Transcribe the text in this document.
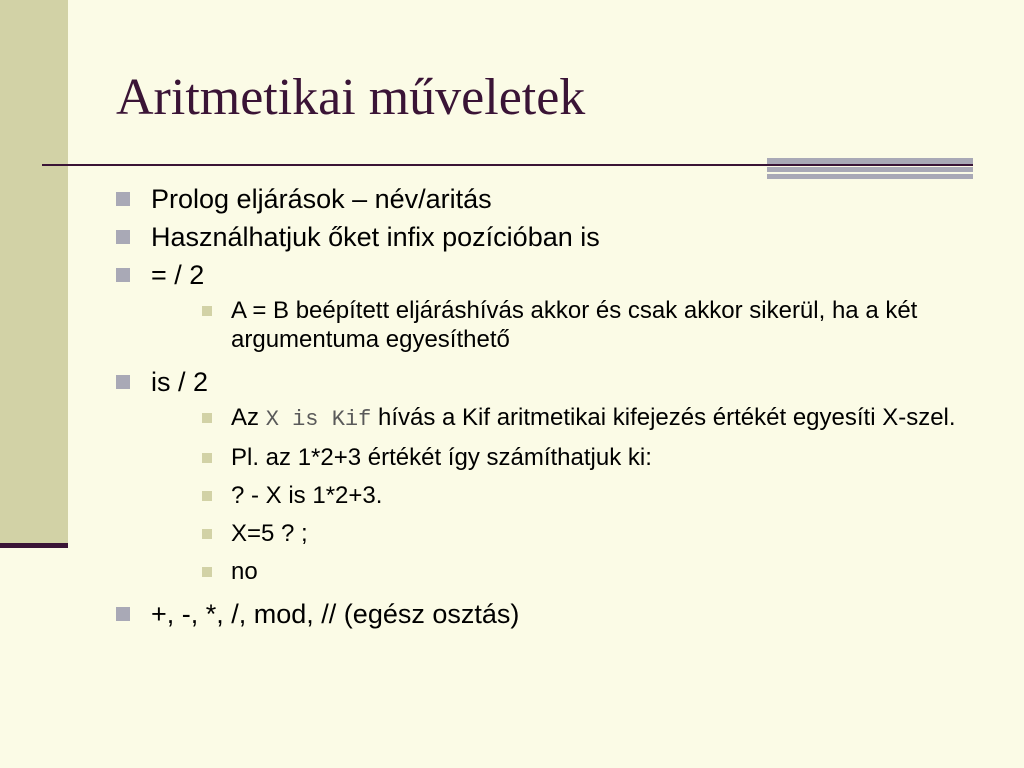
Aritmetikai műveletek
Prolog eljárások – név/aritás
Használhatjuk őket infix pozícióban is
= / 2
A = B beépített eljáráshívás akkor és csak akkor sikerül, ha a két argumentuma egyesíthető
is / 2
Az X is Kif hívás a Kif aritmetikai kifejezés értékét egyesíti X-szel.
Pl. az 1*2+3 értékét így számíthatjuk ki:
? - X is 1*2+3.
X=5 ? ;
no
+, -, *, /, mod, // (egész osztás)
